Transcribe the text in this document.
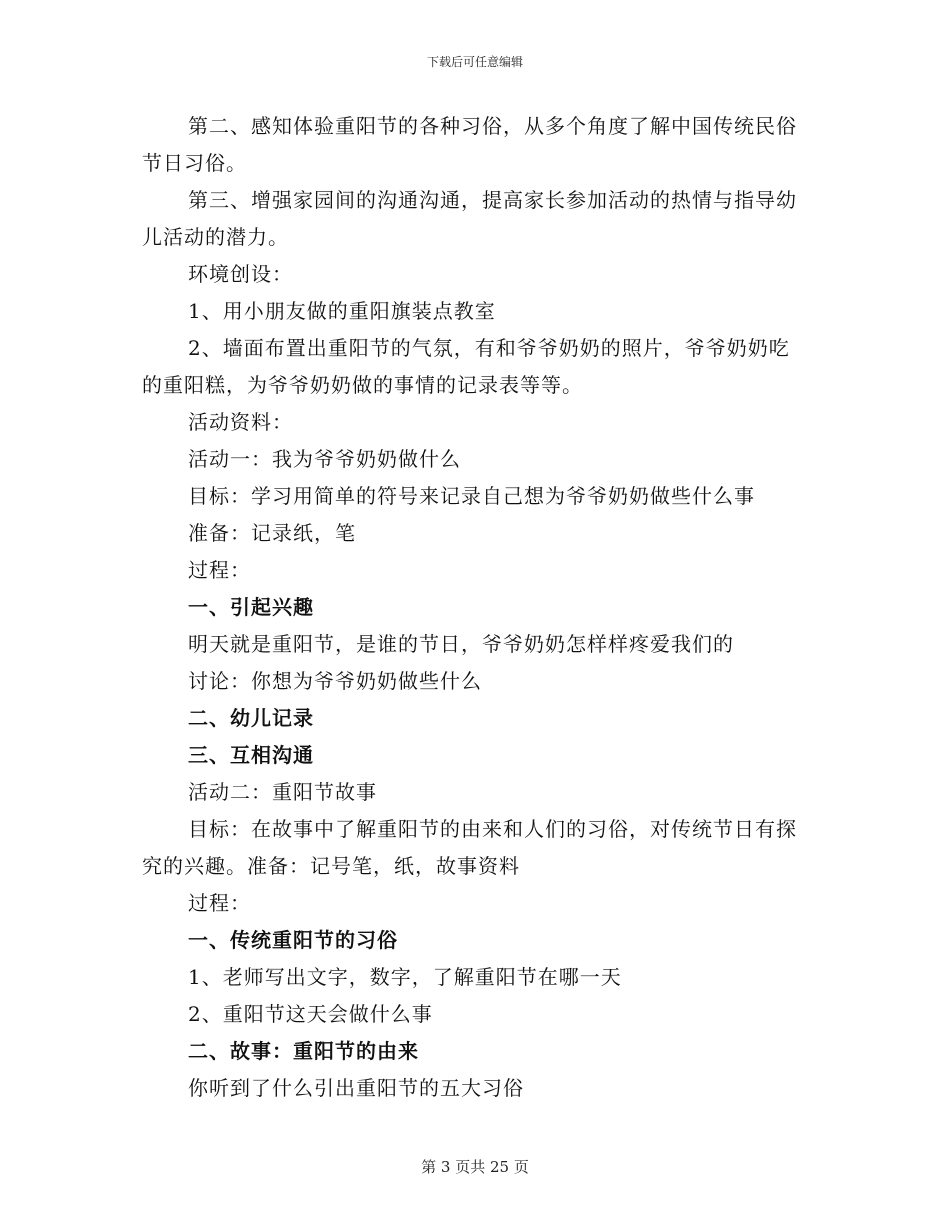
下载后可任意编辑

第二、感知体验重阳节的各种习俗，从多个角度了解中国传统民俗节日习俗。

第三、增强家园间的沟通沟通，提高家长参加活动的热情与指导幼儿活动的潜力。

环境创设：

1、用小朋友做的重阳旗装点教室

2、墙面布置出重阳节的气氛，有和爷爷奶奶的照片，爷爷奶奶吃的重阳糕，为爷爷奶奶做的事情的记录表等等。

活动资料：

活动一：我为爷爷奶奶做什么

目标：学习用简单的符号来记录自己想为爷爷奶奶做些什么事

准备：记录纸，笔

过程：

一、引起兴趣

明天就是重阳节，是谁的节日，爷爷奶奶怎样样疼爱我们的

讨论：你想为爷爷奶奶做些什么

二、幼儿记录

三、互相沟通

活动二：重阳节故事

目标：在故事中了解重阳节的由来和人们的习俗，对传统节日有探究的兴趣。准备：记号笔，纸，故事资料

过程：

一、传统重阳节的习俗

1、老师写出文字，数字，了解重阳节在哪一天

2、重阳节这天会做什么事

二、故事：重阳节的由来

你听到了什么引出重阳节的五大习俗

第 3 页共 25 页
